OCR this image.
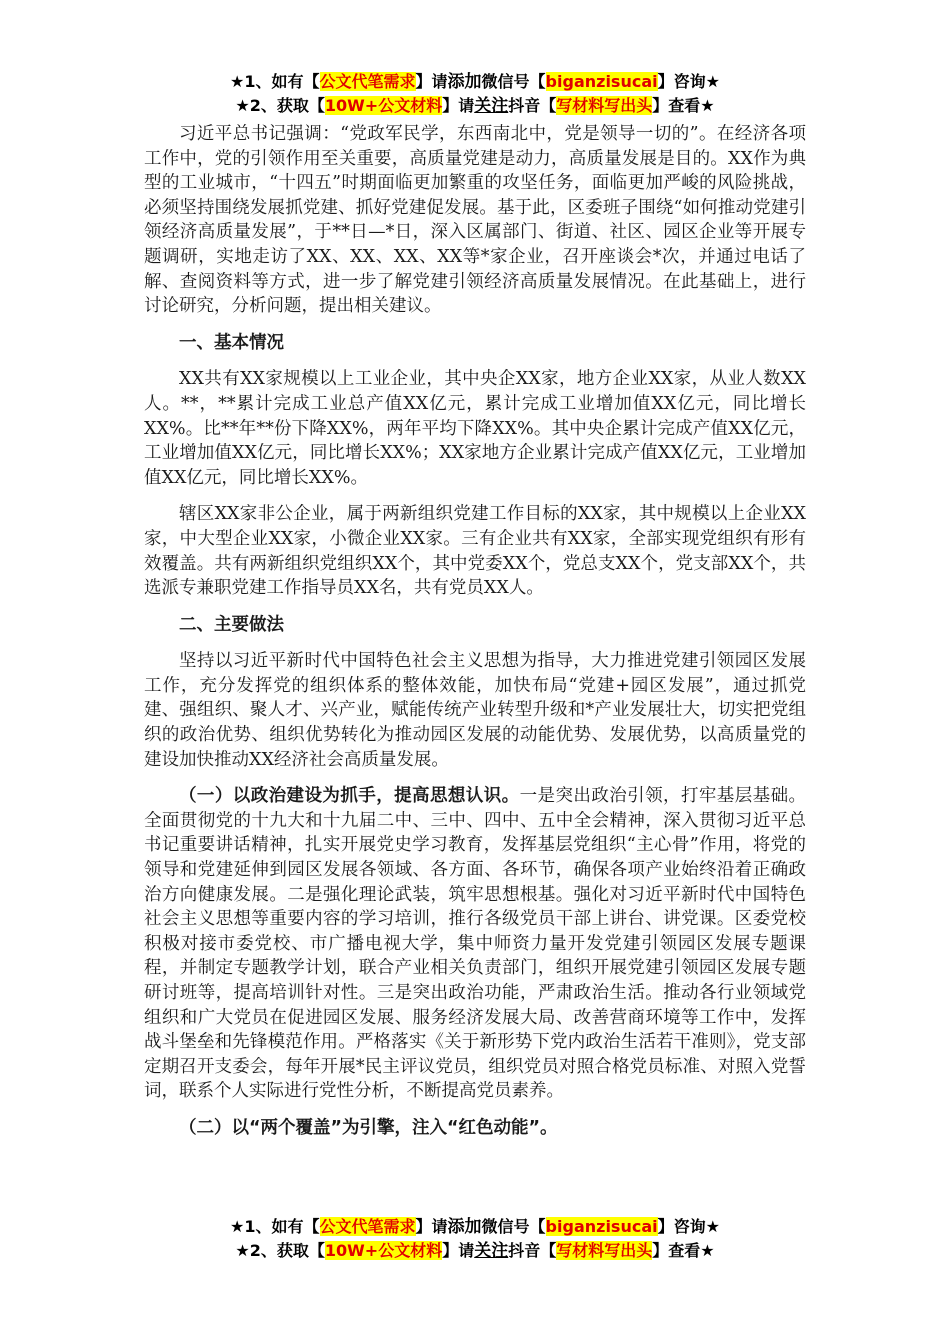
★1、如有【公文代笔需求】请添加微信号【biganzisucai】咨询★
★2、获取【10W+公文材料】请关注抖音【写材料写出头】查看★

习近平总书记强调：“党政军民学，东西南北中，党是领导一切的”。在经济各项工作中，党的引领作用至关重要，高质量党建是动力，高质量发展是目的。XX作为典型的工业城市，“十四五”时期面临更加繁重的攻坚任务，面临更加严峻的风险挑战，必须坚持围绕发展抓党建、抓好党建促发展。基于此，区委班子围绕“如何推动党建引领经济高质量发展”，于**日—*日，深入区属部门、街道、社区、园区企业等开展专题调研，实地走访了XX、XX、XX、XX等*家企业，召开座谈会*次，并通过电话了解、查阅资料等方式，进一步了解党建引领经济高质量发展情况。在此基础上，进行讨论研究，分析问题，提出相关建议。

一、基本情况

XX共有XX家规模以上工业企业，其中央企XX家，地方企业XX家，从业人数XX人。**，**累计完成工业总产值XX亿元，累计完成工业增加值XX亿元，同比增长XX%。比**年**份下降XX%，两年平均下降XX%。其中央企累计完成产值XX亿元，工业增加值XX亿元，同比增长XX%；XX家地方企业累计完成产值XX亿元，工业增加值XX亿元，同比增长XX%。

辖区XX家非公企业，属于两新组织党建工作目标的XX家，其中规模以上企业XX家，中大型企业XX家，小微企业XX家。三有企业共有XX家，全部实现党组织有形有效覆盖。共有两新组织党组织XX个，其中党委XX个，党总支XX个，党支部XX个，共选派专兼职党建工作指导员XX名，共有党员XX人。

二、主要做法

坚持以习近平新时代中国特色社会主义思想为指导，大力推进党建引领园区发展工作，充分发挥党的组织体系的整体效能，加快布局“党建+园区发展”，通过抓党建、强组织、聚人才、兴产业，赋能传统产业转型升级和*产业发展壮大，切实把党组织的政治优势、组织优势转化为推动园区发展的动能优势、发展优势，以高质量党的建设加快推动XX经济社会高质量发展。

（一）以政治建设为抓手，提高思想认识。一是突出政治引领，打牢基层基础。全面贯彻党的十九大和十九届二中、三中、四中、五中全会精神，深入贯彻习近平总书记重要讲话精神，扎实开展党史学习教育，发挥基层党组织“主心骨”作用，将党的领导和党建延伸到园区发展各领域、各方面、各环节，确保各项产业始终沿着正确政治方向健康发展。二是强化理论武装，筑牢思想根基。强化对习近平新时代中国特色社会主义思想等重要内容的学习培训，推行各级党员干部上讲台、讲党课。区委党校积极对接市委党校、市广播电视大学，集中师资力量开发党建引领园区发展专题课程，并制定专题教学计划，联合产业相关负责部门，组织开展党建引领园区发展专题研讨班等，提高培训针对性。三是突出政治功能，严肃政治生活。推动各行业领域党组织和广大党员在促进园区发展、服务经济发展大局、改善营商环境等工作中，发挥战斗堡垒和先锋模范作用。严格落实《关于新形势下党内政治生活若干准则》，党支部定期召开支委会，每年开展*民主评议党员，组织党员对照合格党员标准、对照入党誓词，联系个人实际进行党性分析，不断提高党员素养。

（二）以“两个覆盖”为引擎，注入“红色动能”。

★1、如有【公文代笔需求】请添加微信号【biganzisucai】咨询★
★2、获取【10W+公文材料】请关注抖音【写材料写出头】查看★
